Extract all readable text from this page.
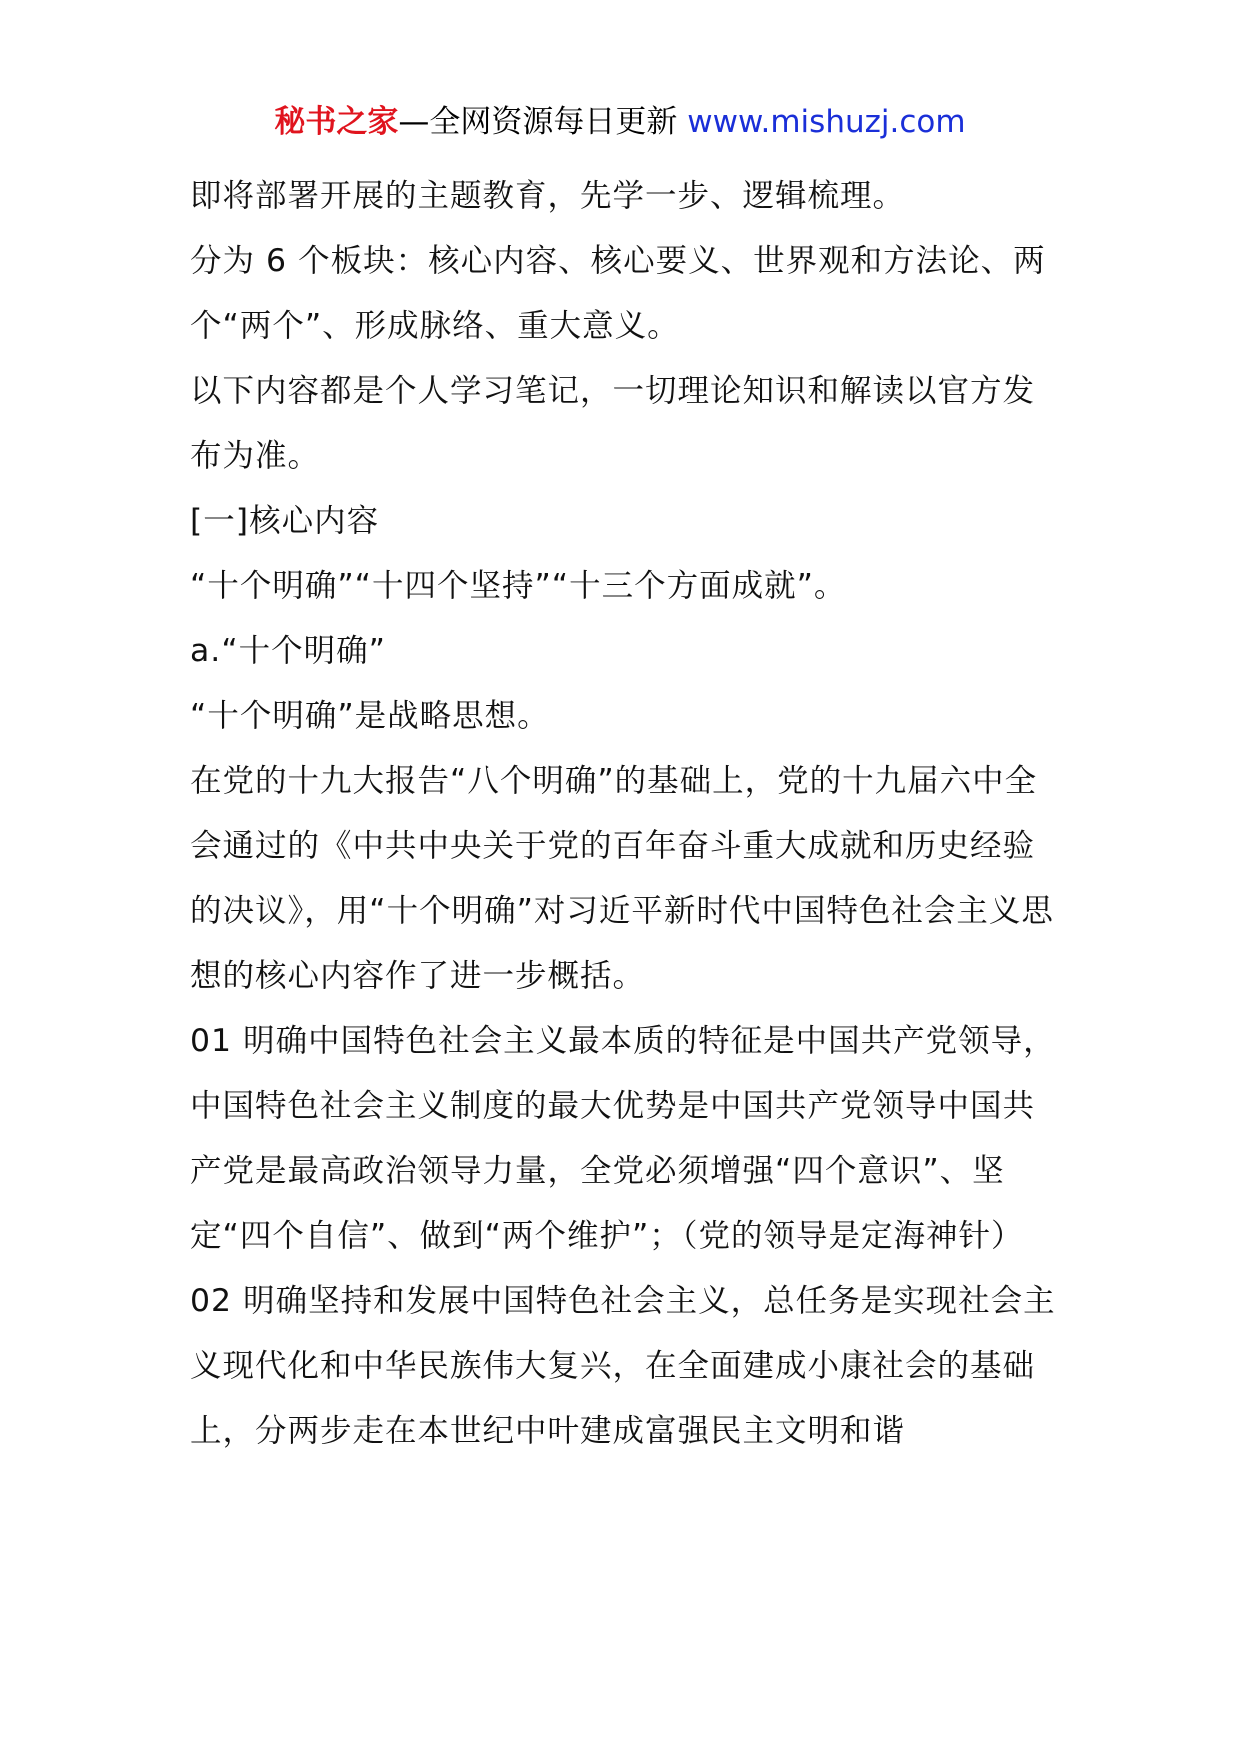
秘书之家—全网资源每日更新 www.mishuzj.com

即将部署开展的主题教育，先学一步、逻辑梳理。

分为 6 个板块：核心内容、核心要义、世界观和方法论、两个“两个”、形成脉络、重大意义。

以下内容都是个人学习笔记，一切理论知识和解读以官方发布为准。

[一]核心内容

“十个明确”“十四个坚持”“十三个方面成就”。

a.“十个明确”

“十个明确”是战略思想。

在党的十九大报告“八个明确”的基础上，党的十九届六中全会通过的《中共中央关于党的百年奋斗重大成就和历史经验的决议》，用“十个明确”对习近平新时代中国特色社会主义思想的核心内容作了进一步概括。

01 明确中国特色社会主义最本质的特征是中国共产党领导，中国特色社会主义制度的最大优势是中国共产党领导中国共产党是最高政治领导力量，全党必须增强“四个意识”、坚定“四个自信”、做到“两个维护”；（党的领导是定海神针）

02 明确坚持和发展中国特色社会主义，总任务是实现社会主义现代化和中华民族伟大复兴，在全面建成小康社会的基础上，分两步走在本世纪中叶建成富强民主文明和谐
